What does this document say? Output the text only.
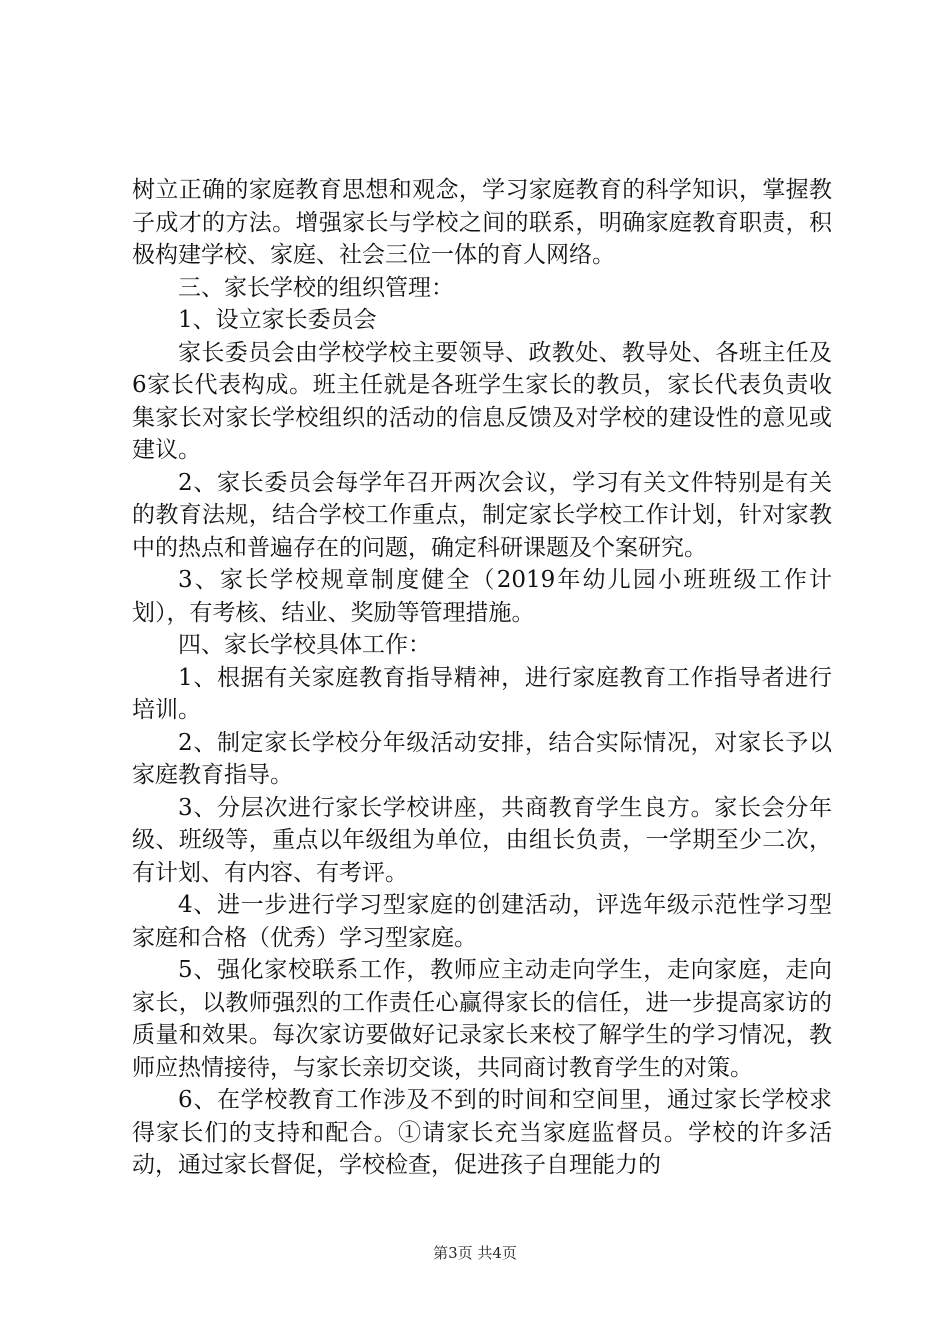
树立正确的家庭教育思想和观念，学习家庭教育的科学知识，掌握教子成才的方法。增强家长与学校之间的联系，明确家庭教育职责，积极构建学校、家庭、社会三位一体的育人网络。

三、家长学校的组织管理：

1、设立家长委员会

家长委员会由学校学校主要领导、政教处、教导处、各班主任及6家长代表构成。班主任就是各班学生家长的教员，家长代表负责收集家长对家长学校组织的活动的信息反馈及对学校的建设性的意见或建议。

2、家长委员会每学年召开两次会议，学习有关文件特别是有关的教育法规，结合学校工作重点，制定家长学校工作计划，针对家教中的热点和普遍存在的问题，确定科研课题及个案研究。

3、家长学校规章制度健全（2019年幼儿园小班班级工作计划），有考核、结业、奖励等管理措施。

四、家长学校具体工作：

1、根据有关家庭教育指导精神，进行家庭教育工作指导者进行培训。

2、制定家长学校分年级活动安排，结合实际情况，对家长予以家庭教育指导。

3、分层次进行家长学校讲座，共商教育学生良方。家长会分年级、班级等，重点以年级组为单位，由组长负责，一学期至少二次，有计划、有内容、有考评。

4、进一步进行学习型家庭的创建活动，评选年级示范性学习型家庭和合格（优秀）学习型家庭。

5、强化家校联系工作，教师应主动走向学生，走向家庭，走向家长，以教师强烈的工作责任心赢得家长的信任，进一步提高家访的质量和效果。每次家访要做好记录家长来校了解学生的学习情况，教师应热情接待，与家长亲切交谈，共同商讨教育学生的对策。

6、在学校教育工作涉及不到的时间和空间里，通过家长学校求得家长们的支持和配合。①请家长充当家庭监督员。学校的许多活动，通过家长督促，学校检查，促进孩子自理能力的

第3页 共4页
